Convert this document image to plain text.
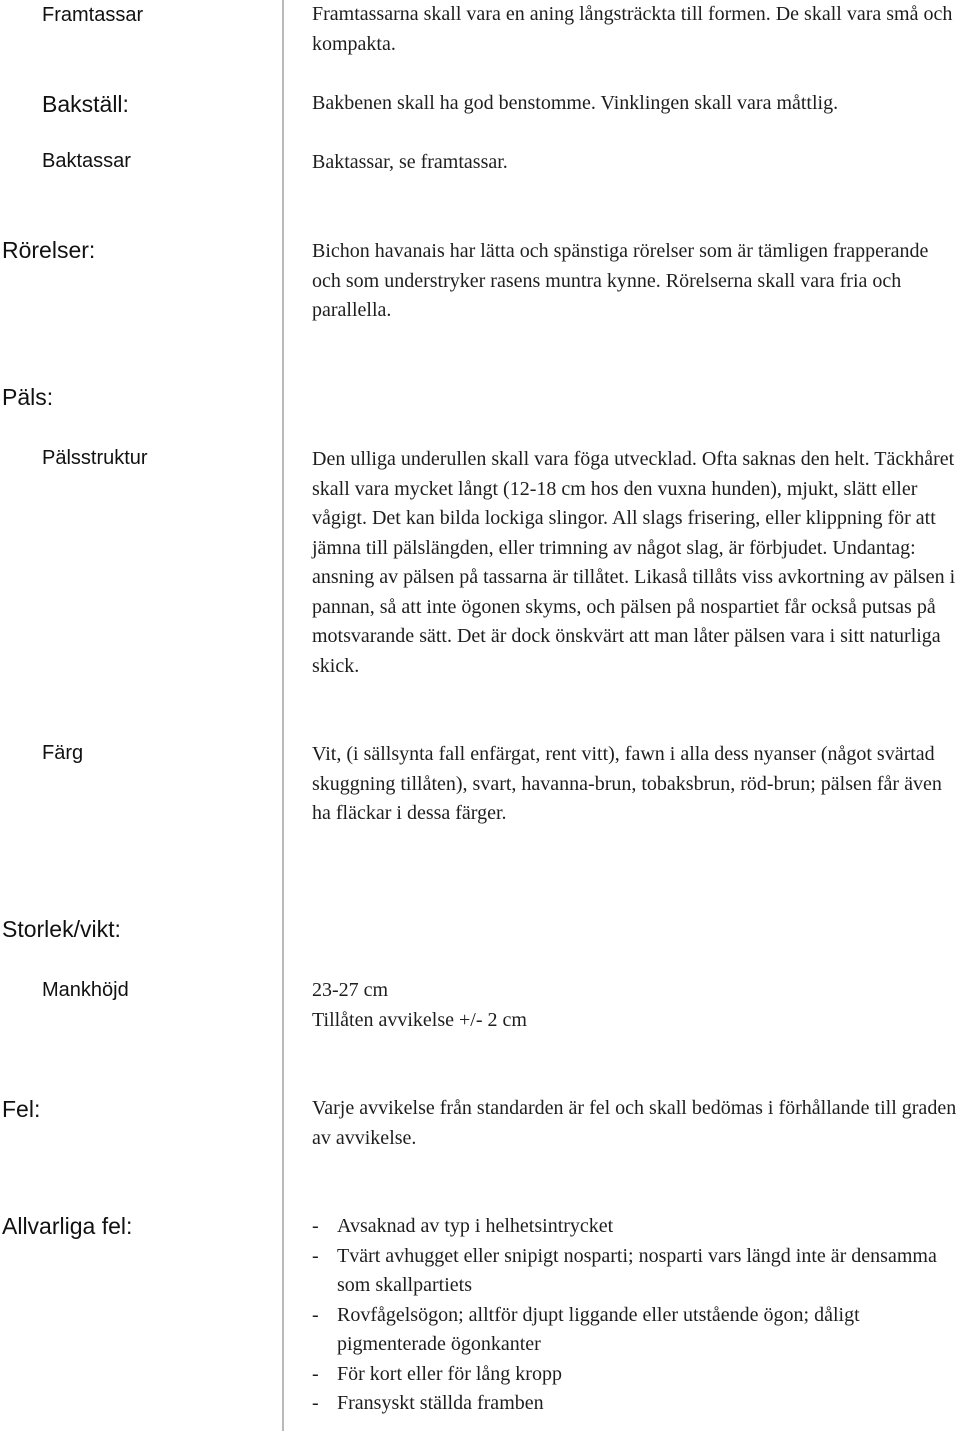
Framtassar	Framtassarna skall vara en aning långsträckta till formen. De skall vara små och kompakta.

Bakställ:	Bakbenen skall ha god benstomme. Vinklingen skall vara måttlig.

Baktassar	Baktassar, se framtassar.

Rörelser:	Bichon havanais har lätta och spänstiga rörelser som är tämligen frapperande och som understryker rasens muntra kynne. Rörelserna skall vara fria och parallella.

Päls:
Pälsstruktur	Den ulliga underullen skall vara föga utvecklad. Ofta saknas den helt. Täckhåret skall vara mycket långt (12-18 cm hos den vuxna hunden), mjukt, slätt eller vågigt. Det kan bilda lockiga slingor. All slags frisering, eller klippning för att jämna till pälslängden, eller trimning av något slag, är förbjudet. Undantag: ansning av pälsen på tassarna är tillåtet. Likaså tillåts viss avkortning av pälsen i pannan, så att inte ögonen skyms, och pälsen på nospartiet får också putsas på motsvarande sätt. Det är dock önskvärt att man låter pälsen vara i sitt naturliga skick.

Färg	Vit, (i sällsynta fall enfärgat, rent vitt), fawn i alla dess nyanser (något svärtad skuggning tillåten), svart, havanna-brun, tobaksbrun, röd-brun; pälsen får även ha fläckar i dessa färger.

Storlek/vikt:
Mankhöjd	23-27 cm

Tillåten avvikelse +/- 2 cm

Fel:	Varje avvikelse från standarden är fel och skall bedömas i förhållande till graden av avvikelse.

Allvarliga fel:
-	Avsaknad av typ i helhetsintrycket
- Tvärt avhugget eller snipigt nosparti; nosparti vars längd inte är densamma som skallpartiets
- Rovfågelsögon; alltför djupt liggande eller utstående ögon; dåligt pigmenterade ögonkanter
- För kort eller för lång kropp
- Fransyskt ställda framben
